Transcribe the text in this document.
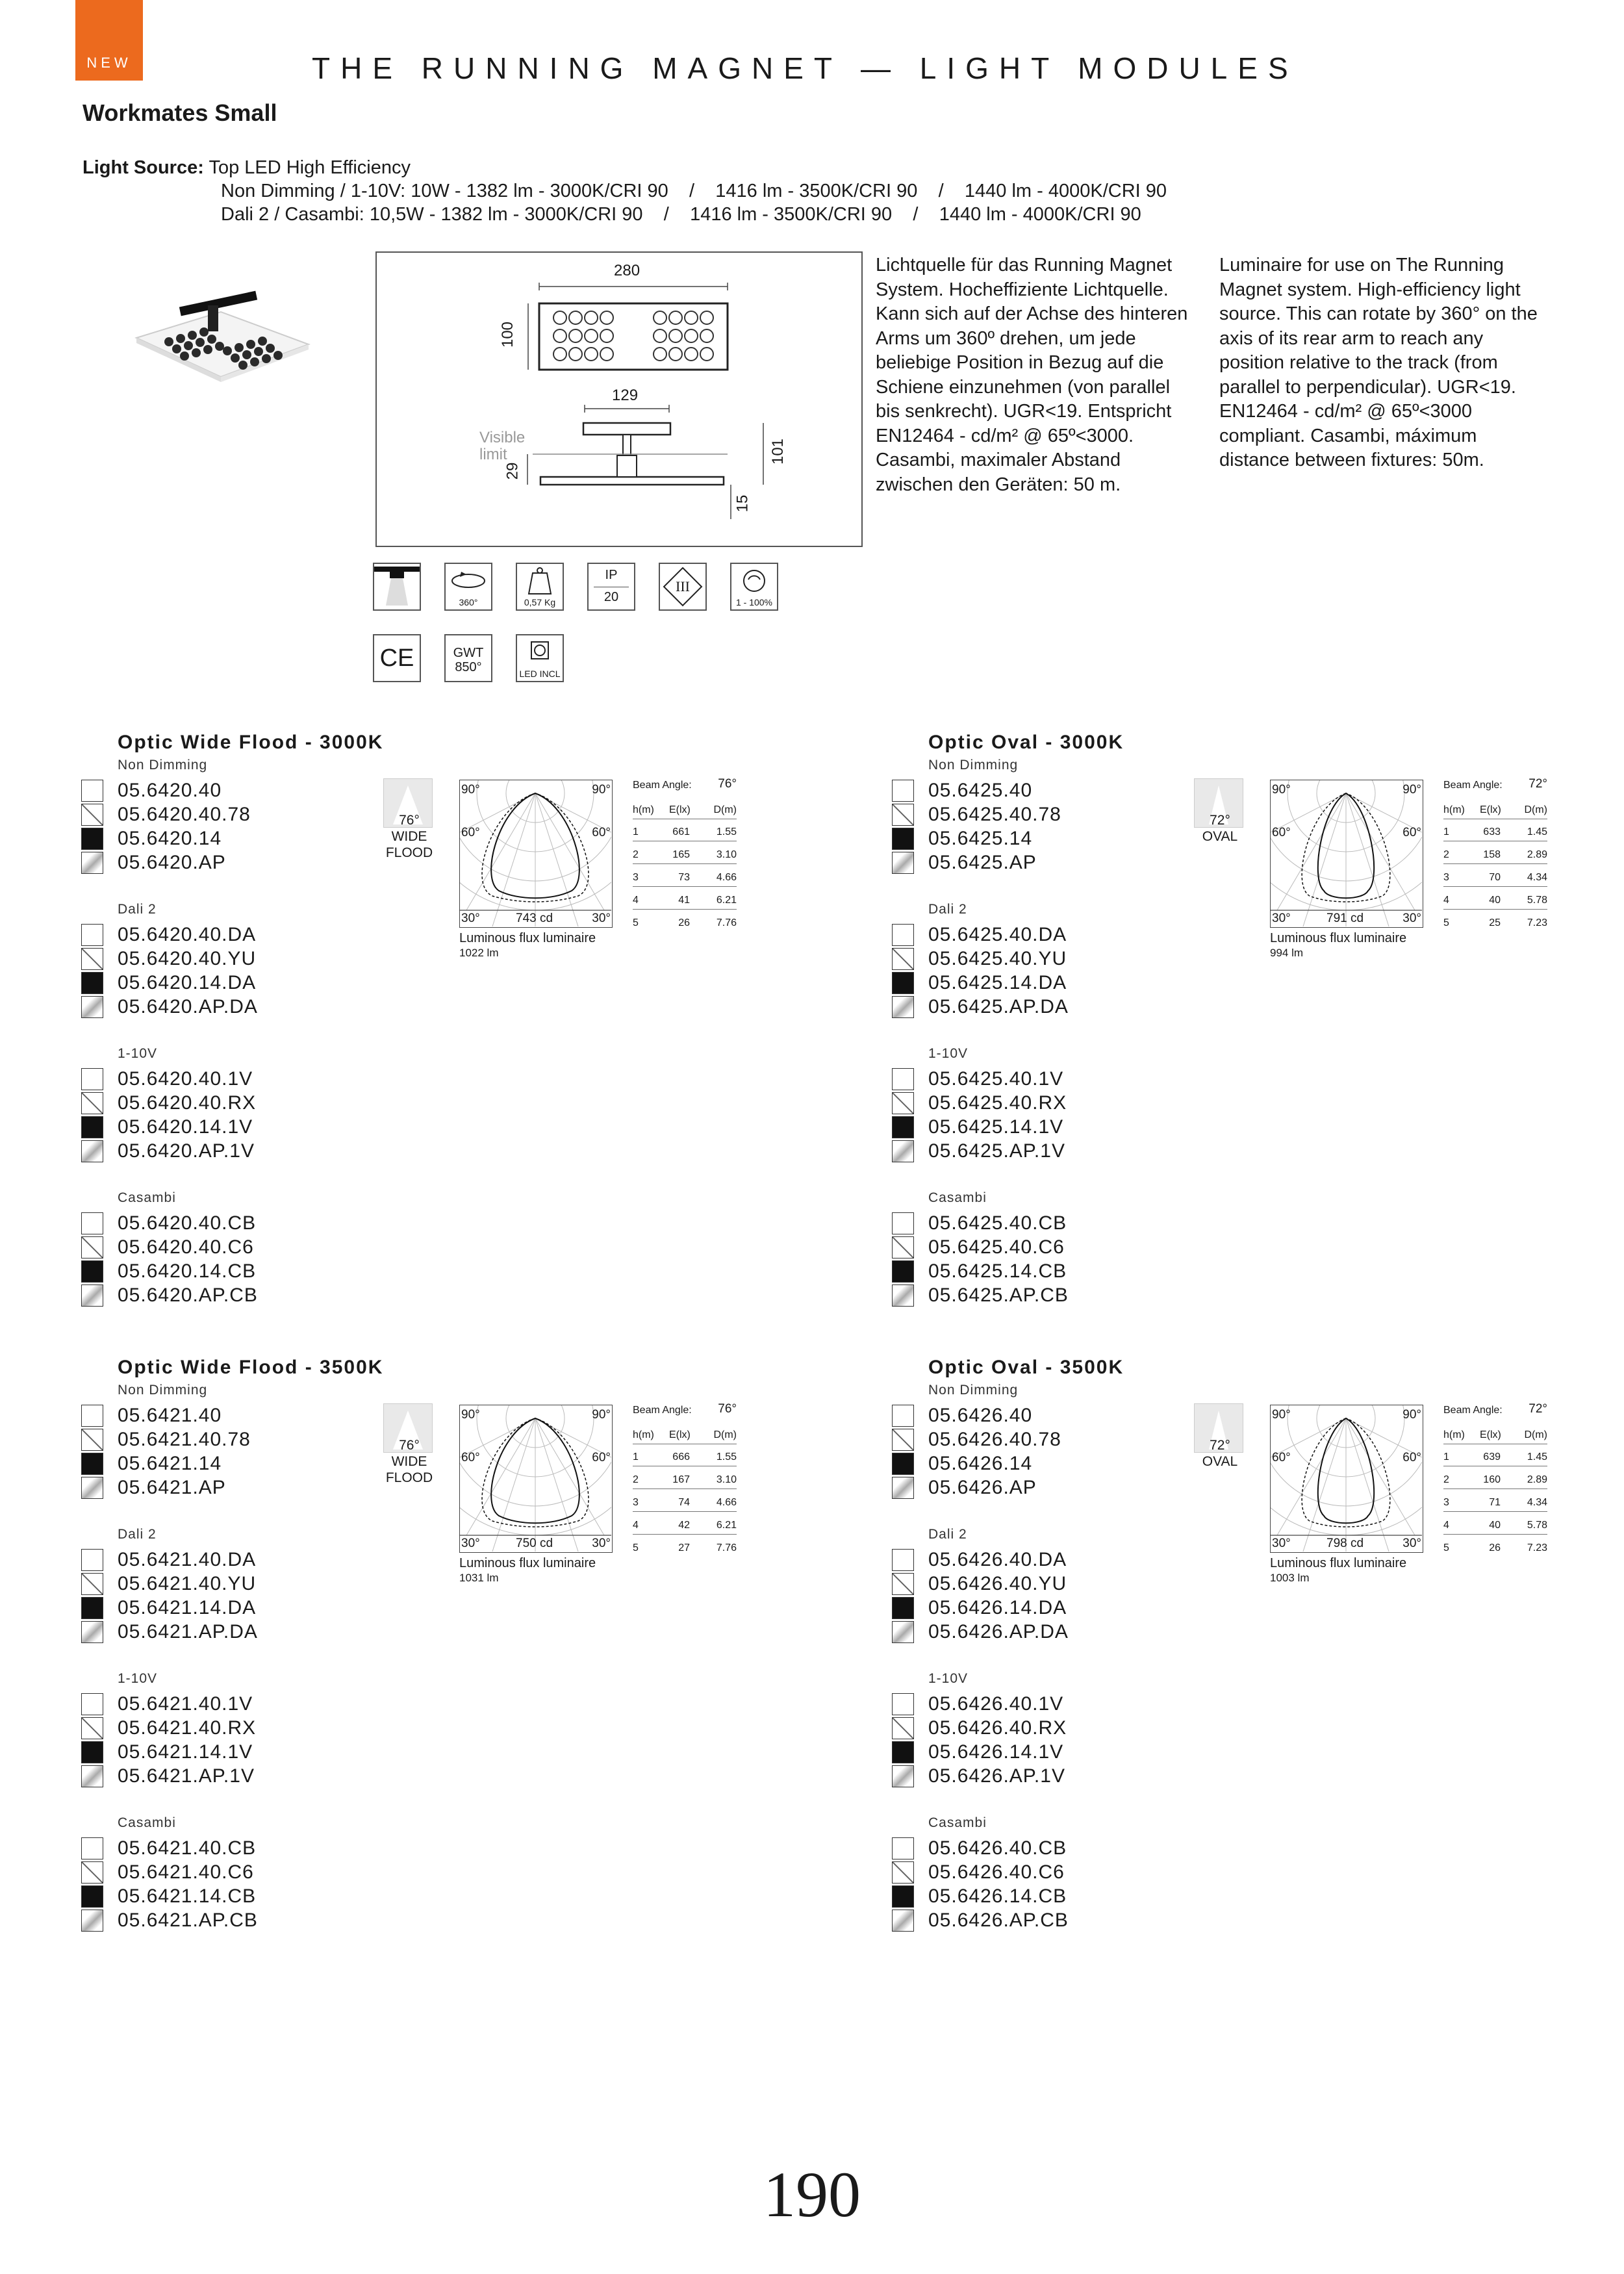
NEW	THE RUNNING MAGNET — LIGHT MODULES
Workmates Small
Light Source: Top LED High Efficiency
Non Dimming / 1-10V: 10W - 1382 lm - 3000K/CRI 90    /    1416 lm - 3500K/CRI 90    /    1440 lm - 4000K/CRI 90
Dali 2 / Casambi: 10,5W - 1382 lm - 3000K/CRI 90    /    1416 lm - 3500K/CRI 90    /    1440 lm - 4000K/CRI 90
280
100
129
Visible limit
29
101
15
Lichtquelle für das Running Magnet System. Hocheffiziente Lichtquelle. Kann sich auf der Achse des hinteren Arms um 360º drehen, um jede beliebige Position in Bezug auf die Schiene einzunehmen (von parallel bis senkrecht). UGR<19. Entspricht EN12464 - cd/m² @ 65º<3000. Casambi, maximaler Abstand zwischen den Geräten: 50 m.
Luminaire for use on The Running Magnet system. High-efficiency light source. This can rotate by 360° on the axis of its rear arm to reach any position relative to the track (from parallel to perpendicular). UGR<19. EN12464 - cd/m² @ 65º<3000 compliant. Casambi, máximum distance between fixtures: 50m.
360°	0,57 Kg
IP
20
III
1 - 100%
CE	GWT
850°	LED INCL
Optic Wide Flood - 3000K
Non Dimming
05.6420.40
05.6420.40.78
05.6420.14
05.6420.AP
Dali 2
05.6420.40.DA
05.6420.40.YU
05.6420.14.DA
05.6420.AP.DA
1-10V
05.6420.40.1V
05.6420.40.RX
05.6420.14.1V
05.6420.AP.1V
Casambi
05.6420.40.CB
05.6420.40.C6
05.6420.14.CB
05.6420.AP.CB
76°
WIDE
FLOOD
90°	90°
60°	60°
30°	30°
743 cd
Luminous flux luminaire
1022 lm
Beam Angle: 76°
h(m) E(lx) D(m)
1	661	1.55
2	165	3.10
3	73	4.66
4	41	6.21
5	26	7.76
Optic Oval - 3000K
Non Dimming
05.6425.40
05.6425.40.78
05.6425.14
05.6425.AP
Dali 2
05.6425.40.DA
05.6425.40.YU
05.6425.14.DA
05.6425.AP.DA
1-10V
05.6425.40.1V
05.6425.40.RX
05.6425.14.1V
05.6425.AP.1V
Casambi
05.6425.40.CB
05.6425.40.C6
05.6425.14.CB
05.6425.AP.CB
72°
OVAL
90°	90°
60°	60°
30°	30°
791 cd
Luminous flux luminaire
994 lm
Beam Angle: 72°
h(m) E(lx) D(m)
1	633	1.45
2	158	2.89
3	70	4.34
4	40	5.78
5	25	7.23
Optic Wide Flood - 3500K
Non Dimming
05.6421.40
05.6421.40.78
05.6421.14
05.6421.AP
Dali 2
05.6421.40.DA
05.6421.40.YU
05.6421.14.DA
05.6421.AP.DA
1-10V
05.6421.40.1V
05.6421.40.RX
05.6421.14.1V
05.6421.AP.1V
Casambi
05.6421.40.CB
05.6421.40.C6
05.6421.14.CB
05.6421.AP.CB
76°
WIDE
FLOOD
90°	90°
60°	60°
30°	30°
750 cd
Luminous flux luminaire
1031 lm
Beam Angle: 76°
h(m) E(lx) D(m)
1	666	1.55
2	167	3.10
3	74	4.66
4	42	6.21
5	27	7.76
Optic Oval - 3500K
Non Dimming
05.6426.40
05.6426.40.78
05.6426.14
05.6426.AP
Dali 2
05.6426.40.DA
05.6426.40.YU
05.6426.14.DA
05.6426.AP.DA
1-10V
05.6426.40.1V
05.6426.40.RX
05.6426.14.1V
05.6426.AP.1V
Casambi
05.6426.40.CB
05.6426.40.C6
05.6426.14.CB
05.6426.AP.CB
72°
OVAL
90°	90°
60°	60°
30°	30°
798 cd
Luminous flux luminaire
1003 lm
Beam Angle: 72°
h(m) E(lx) D(m)
1	639	1.45
2	160	2.89
3	71	4.34
4	40	5.78
5	26	7.23
190
